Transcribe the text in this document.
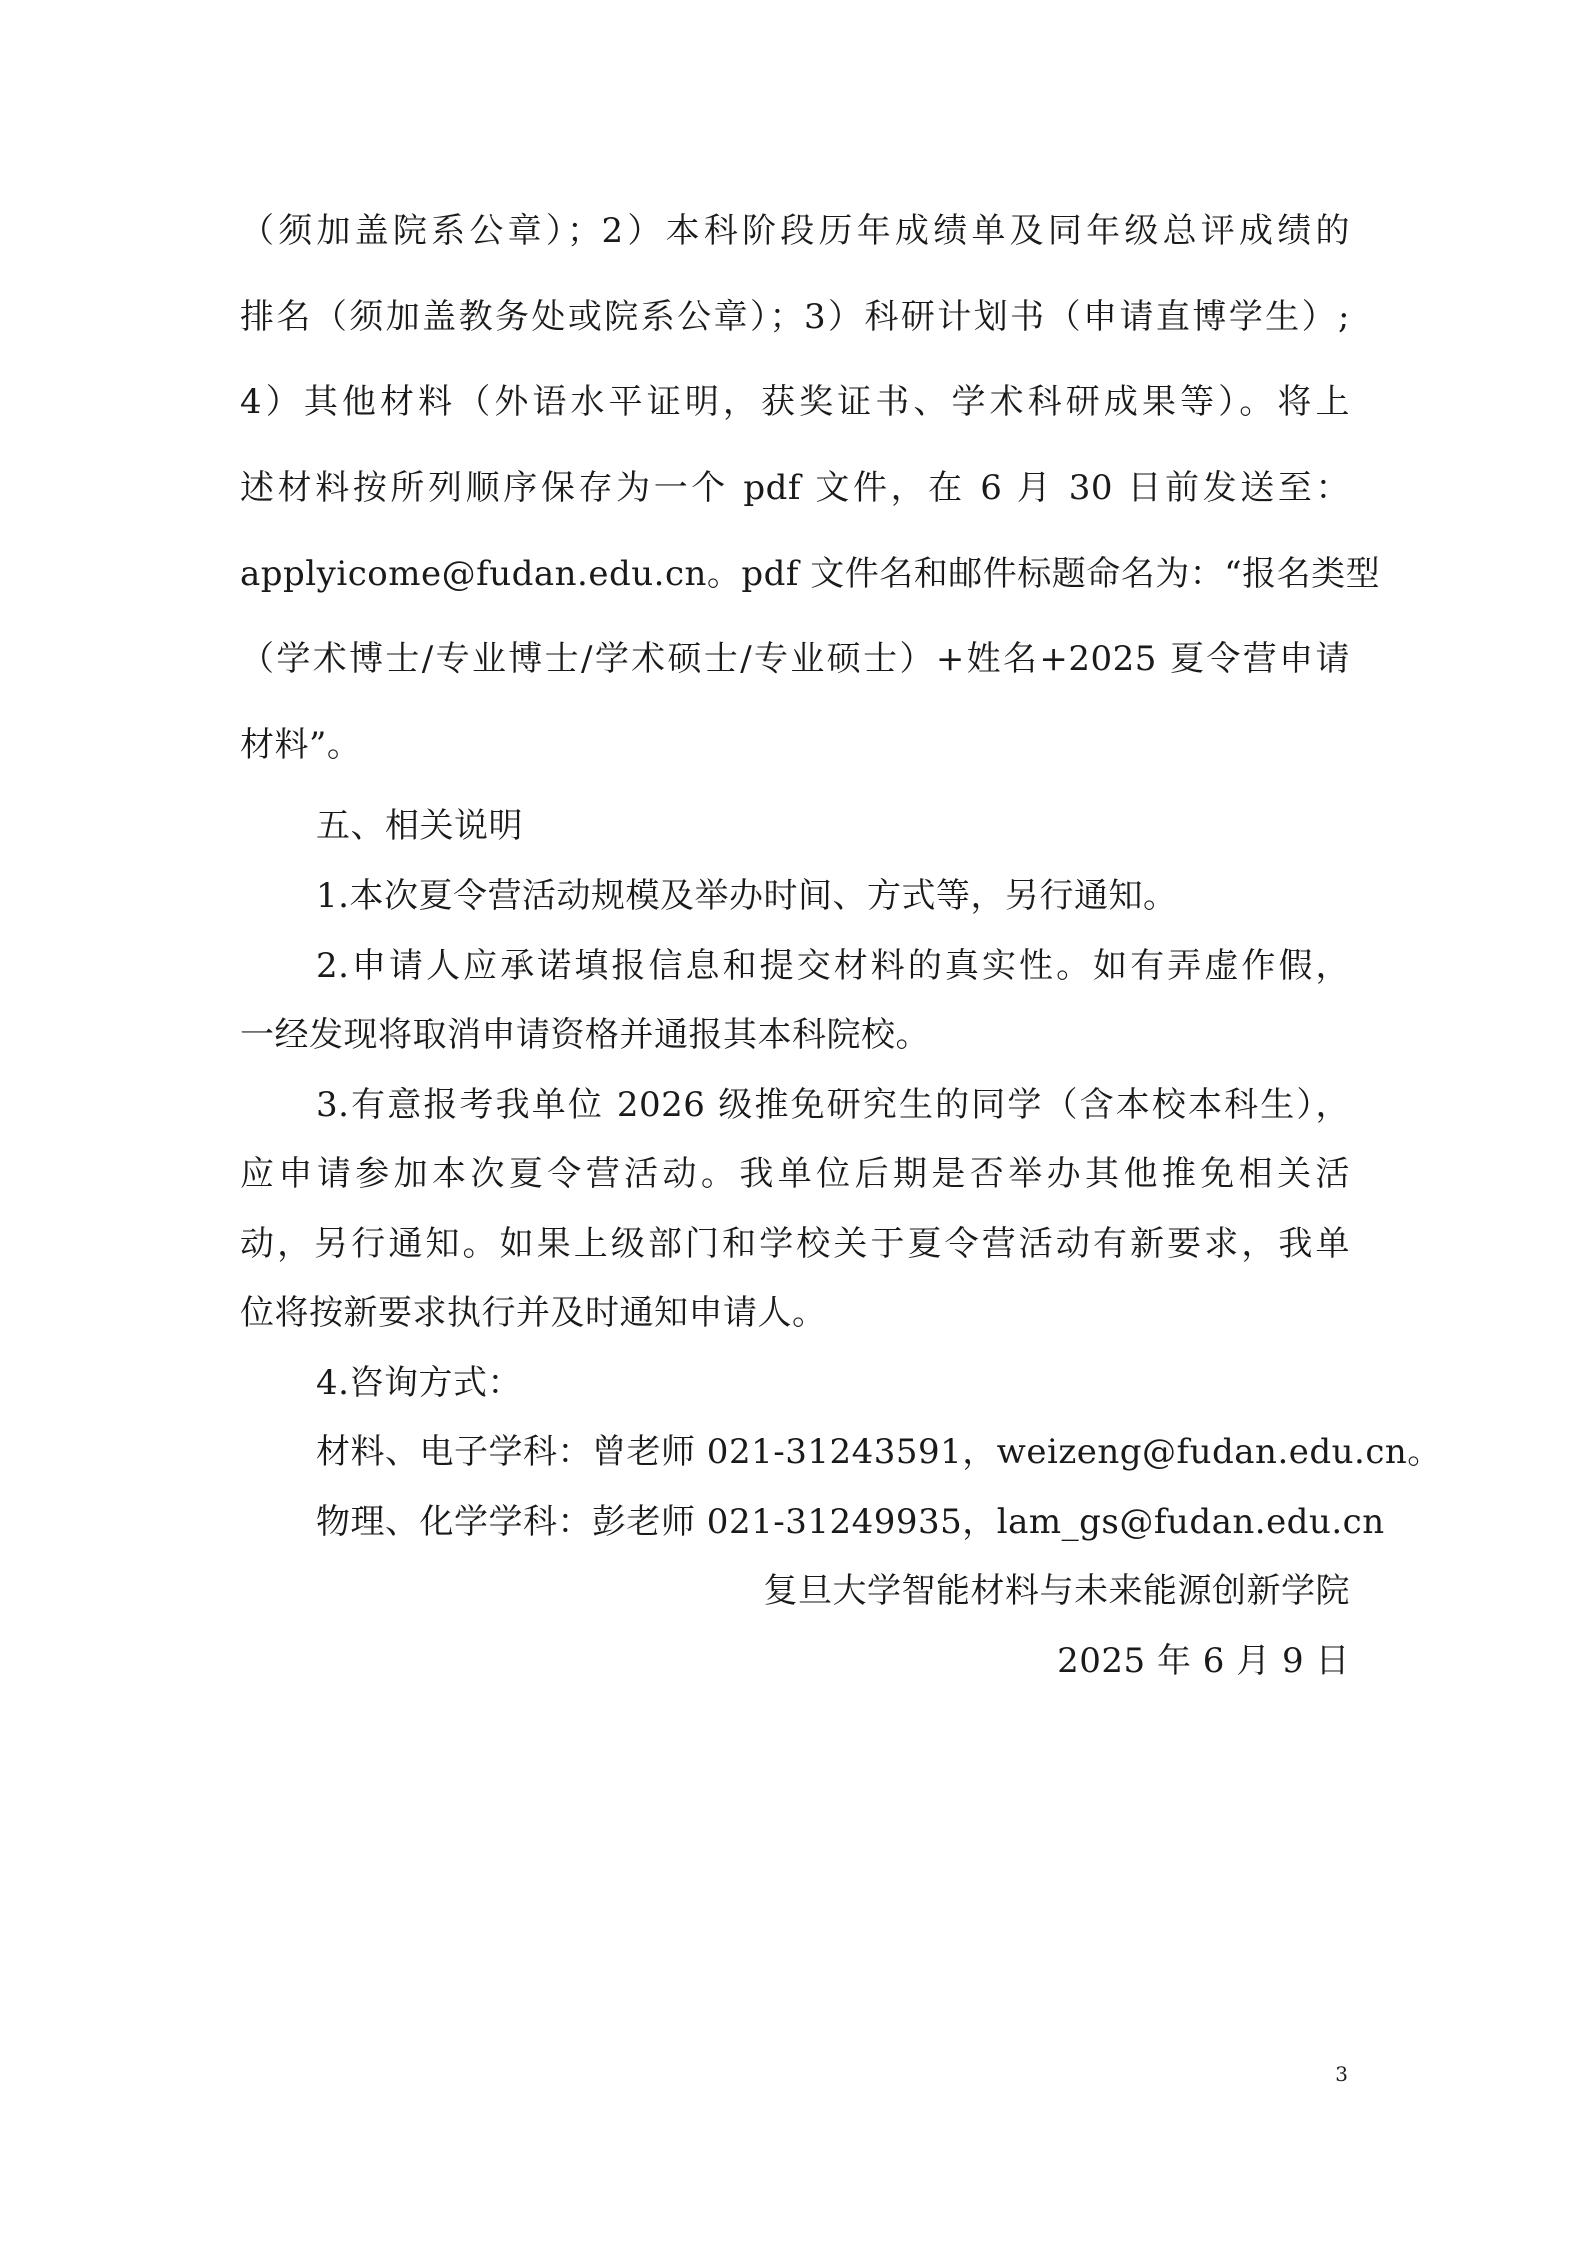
（须加盖院系公章）；2）本科阶段历年成绩单及同年级总评成绩的
排名（须加盖教务处或院系公章）；3）科研计划书（申请直博学生）;
4）其他材料（外语水平证明，获奖证书、学术科研成果等）。将上
述材料按所列顺序保存为一个 pdf 文件，在 6 月 30 日前发送至：
applyicome@fudan.edu.cn。pdf 文件名和邮件标题命名为：“报名类型
（学术博士/专业博士/学术硕士/专业硕士）+姓名+2025 夏令营申请
材料”。
五、相关说明
1.本次夏令营活动规模及举办时间、方式等，另行通知。
2.申请人应承诺填报信息和提交材料的真实性。如有弄虚作假，
一经发现将取消申请资格并通报其本科院校。
3.有意报考我单位 2026 级推免研究生的同学（含本校本科生），
应申请参加本次夏令营活动。我单位后期是否举办其他推免相关活
动，另行通知。如果上级部门和学校关于夏令营活动有新要求，我单
位将按新要求执行并及时通知申请人。
4.咨询方式：
材料、电子学科：曾老师 021-31243591，weizeng@fudan.edu.cn。
物理、化学学科：彭老师 021-31249935，lam_gs@fudan.edu.cn
复旦大学智能材料与未来能源创新学院
2025 年 6 月 9 日
3
